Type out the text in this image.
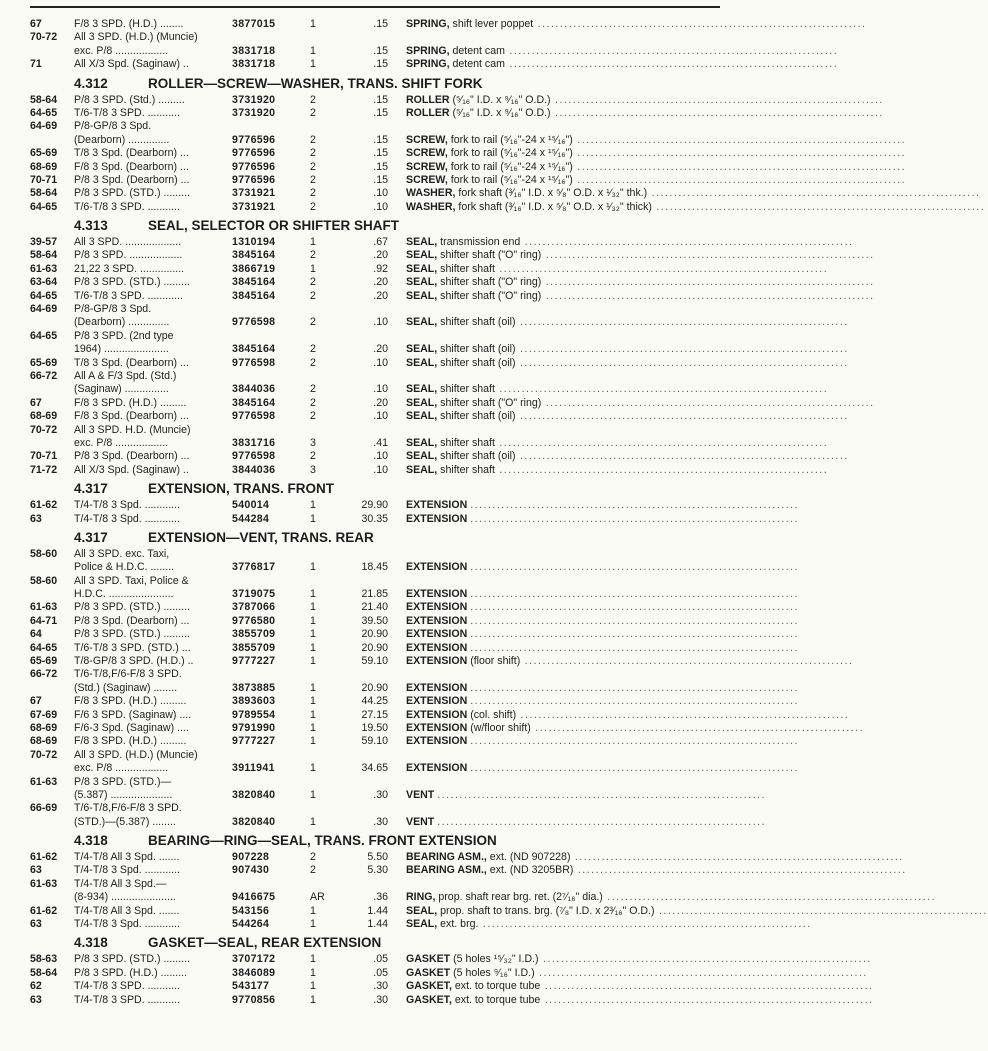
67	F/8 3 SPD. (H.D.) ........	3877015	1	.15 SPRING, shift lever poppet ..........................................................................
70-72 All 3 SPD. (H.D.) (Muncie)
exc. P/8 ..................	3831718	1	.15 SPRING, detent cam ..........................................................................
71	All X/3 Spd. (Saginaw) ..	3831718	1	.15 SPRING, detent cam ..........................................................................
4.312	ROLLER—SCREW—WASHER, TRANS. SHIFT FORK
58-64 P/8 3 SPD. (Std.) .........	3731920	2	.15 ROLLER (⁵⁄₁₆" I.D. x ⁹⁄₁₆" O.D.) ..........................................................................
64-65 T/6-T/8 3 SPD. ...........	3731920	2	.15 ROLLER (⁵⁄₁₆" I.D. x ⁹⁄₁₆" O.D.) ..........................................................................
64-69 P/8-GP/8 3 Spd.
(Dearborn) ..............	9776596	2	.15 SCREW, fork to rail (⁵⁄₁₆"-24 x ¹⁵⁄₁₆") ..........................................................................
65-69 T/8 3 Spd. (Dearborn) ...	9776596	2	.15 SCREW, fork to rail (⁵⁄₁₆"-24 x ¹⁵⁄₁₆") ..........................................................................
68-69 F/8 3 Spd. (Dearborn) ...	9776596	2	.15 SCREW, fork to rail (⁵⁄₁₆"-24 x ¹⁵⁄₁₆") ..........................................................................
70-71 P/8 3 Spd. (Dearborn) ...	9776596	2	.15 SCREW, fork to rail (⁵⁄₁₆"-24 x ¹⁵⁄₁₆") ..........................................................................
58-64 P/8 3 SPD. (STD.) .........	3731921	2	.10 WASHER, fork shaft (³⁄₁₆" I.D. x ⁵⁄₈" O.D. x ¹⁄₃₂" thk.) ..........................................................................
64-65 T/6-T/8 3 SPD. ...........	3731921	2	.10 WASHER, fork shaft (³⁄₁₆" I.D. x ⁵⁄₈" O.D. x ¹⁄₃₂" thick) ..........................................................................
4.313	SEAL, SELECTOR OR SHIFTER SHAFT
39-57 All 3 SPD. ...................	1310194	1	.67 SEAL, transmission end ..........................................................................
58-64 P/8 3 SPD. ..................	3845164	2	.20 SEAL, shifter shaft ("O" ring) ..........................................................................
61-63 21,22 3 SPD. ...............	3866719	1	.92 SEAL, shifter shaft ..........................................................................
63-64 P/8 3 SPD. (STD.) .........	3845164	2	.20 SEAL, shifter shaft ("O" ring) ..........................................................................
64-65 T/6-T/8 3 SPD. ............	3845164	2	.20 SEAL, shifter shaft ("O" ring) ..........................................................................
64-69 P/8-GP/8 3 Spd.
(Dearborn) ..............	9776598	2	.10 SEAL, shifter shaft (oil) ..........................................................................
64-65 P/8 3 SPD. (2nd type
1964) ......................	3845164	2	.20 SEAL, shifter shaft (oil) ..........................................................................
65-69 T/8 3 Spd. (Dearborn) ...	9776598	2	.10 SEAL, shifter shaft (oil) ..........................................................................
66-72 All A & F/3 Spd. (Std.)
(Saginaw) ...............	3844036	2	.10 SEAL, shifter shaft ..........................................................................
67	F/8 3 SPD. (H.D.) .........	3845164	2	.20 SEAL, shifter shaft ("O" ring) ..........................................................................
68-69 F/8 3 Spd. (Dearborn) ...	9776598	2	.10 SEAL, shifter shaft (oil) ..........................................................................
70-72 All 3 SPD. H.D. (Muncie)
exc. P/8 ..................	3831716	3	.41 SEAL, shifter shaft ..........................................................................
70-71 P/8 3 Spd. (Dearborn) ...	9776598	2	.10 SEAL, shifter shaft (oil) ..........................................................................
71-72 All X/3 Spd. (Saginaw) ..	3844036	3	.10 SEAL, shifter shaft ..........................................................................
4.317	EXTENSION, TRANS. FRONT
61-62 T/4-T/8 3 Spd. ............	540014	1	29.90 EXTENSION ..........................................................................
63	T/4-T/8 3 Spd. ............	544284	1	30.35 EXTENSION ..........................................................................
4.317	EXTENSION—VENT, TRANS. REAR
58-60 All 3 SPD. exc. Taxi,
Police & H.D.C. ........	3776817	1	18.45 EXTENSION ..........................................................................
58-60 All 3 SPD. Taxi, Police &
H.D.C. ......................	3719075	1	21.85 EXTENSION ..........................................................................
61-63 P/8 3 SPD. (STD.) .........	3787066	1	21.40 EXTENSION ..........................................................................
64-71 P/8 3 Spd. (Dearborn) ...	9776580	1	39.50 EXTENSION ..........................................................................
64	P/8 3 SPD. (STD.) .........	3855709	1	20.90 EXTENSION ..........................................................................
64-65 T/6-T/8 3 SPD. (STD.) ...	3855709	1	20.90 EXTENSION ..........................................................................
65-69 T/8-GP/8 3 SPD. (H.D.) ..	9777227	1	59.10 EXTENSION (floor shift) ..........................................................................
66-72 T/6-T/8,F/6-F/8 3 SPD.
(Std.) (Saginaw) ........	3873885	1	20.90 EXTENSION ..........................................................................
67	F/8 3 SPD. (H.D.) .........	3893603	1	44.25 EXTENSION ..........................................................................
67-69 F/6 3 SPD. (Saginaw) ....	9789554	1	27.15 EXTENSION (col. shift) ..........................................................................
68-69 F/6-3 Spd. (Saginaw) ....	9791990	1	19.50 EXTENSION (w/floor shift) ..........................................................................
68-69 F/8 3 SPD. (H.D.) .........	9777227	1	59.10 EXTENSION ..........................................................................
70-72 All 3 SPD. (H.D.) (Muncie)
exc. P/8 ..................	3911941	1	34.65 EXTENSION ..........................................................................
61-63 P/8 3 SPD. (STD.)—
(5.387) .....................	3820840	1	.30 VENT ..........................................................................
66-69 T/6-T/8,F/6-F/8 3 SPD.
(STD.)—(5.387) ........	3820840	1	.30 VENT ..........................................................................
4.318	BEARING—RING—SEAL, TRANS. FRONT EXTENSION
61-62 T/4-T/8 All 3 Spd. .......	907228	2	5.50 BEARING ASM., ext. (ND 907228) ..........................................................................
63	T/4-T/8 3 Spd. ............	907430	2	5.30 BEARING ASM., ext. (ND 3205BR) ..........................................................................
61-63 T/4-T/8 All 3 Spd.—
(8-934) ......................	9416675	AR	.36 RING, prop. shaft rear brg. ret. (2⁷⁄₁₆" dia.) ..........................................................................
61-62 T/4-T/8 All 3 Spd. .......	543156	1	1.44 SEAL, prop. shaft to trans. brg. (⁷⁄₈" I.D. x 2³⁄₁₆" O.D.) ..........................................................................
63	T/4-T/8 3 Spd. ............	544264	1	1.44 SEAL, ext. brg. ..........................................................................
4.318	GASKET—SEAL, REAR EXTENSION
58-63 P/8 3 SPD. (STD.) .........	3707172	1	.05 GASKET (5 holes ¹⁵⁄₃₂" I.D.) ..........................................................................
58-64 P/8 3 SPD. (H.D.) .........	3846089	1	.05 GASKET (5 holes ⁹⁄₁₆" I.D.) ..........................................................................
62	T/4-T/8 3 SPD. ...........	543177	1	.30 GASKET, ext. to torque tube ..........................................................................
63	T/4-T/8 3 SPD. ...........	9770856	1	.30 GASKET, ext. to torque tube ..........................................................................
